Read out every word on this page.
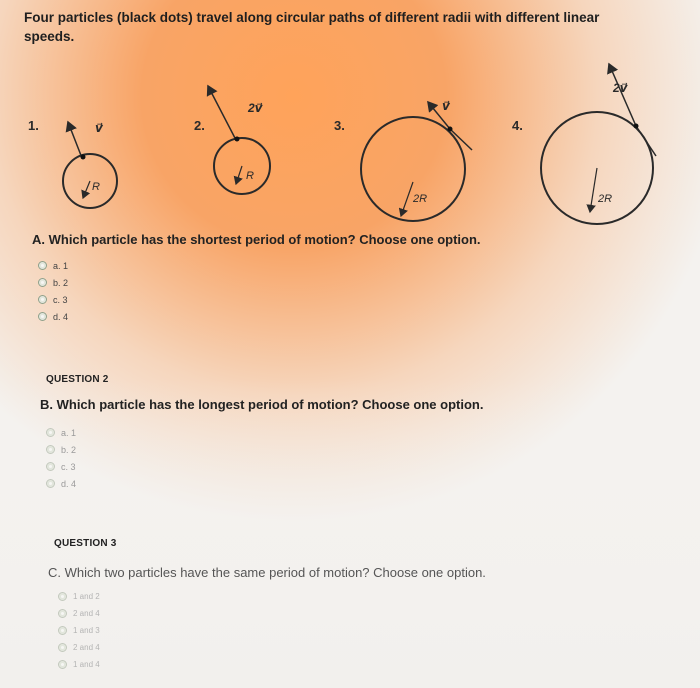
Four particles (black dots) travel along circular paths of different radii with different linear speeds.
1.	v⃗
R
2.
2v⃗
R
3.
v⃗
2R
4.
2v⃗
2R
A. Which particle has the shortest period of motion? Choose one option.
a. 1
b. 2
c. 3
d. 4
QUESTION 2
B. Which particle has the longest period of motion? Choose one option.
a. 1
b. 2
c. 3
d. 4
QUESTION 3
C. Which two particles have the same period of motion? Choose one option.
1 and 2
2 and 4
1 and 3
2 and 4
1 and 4
